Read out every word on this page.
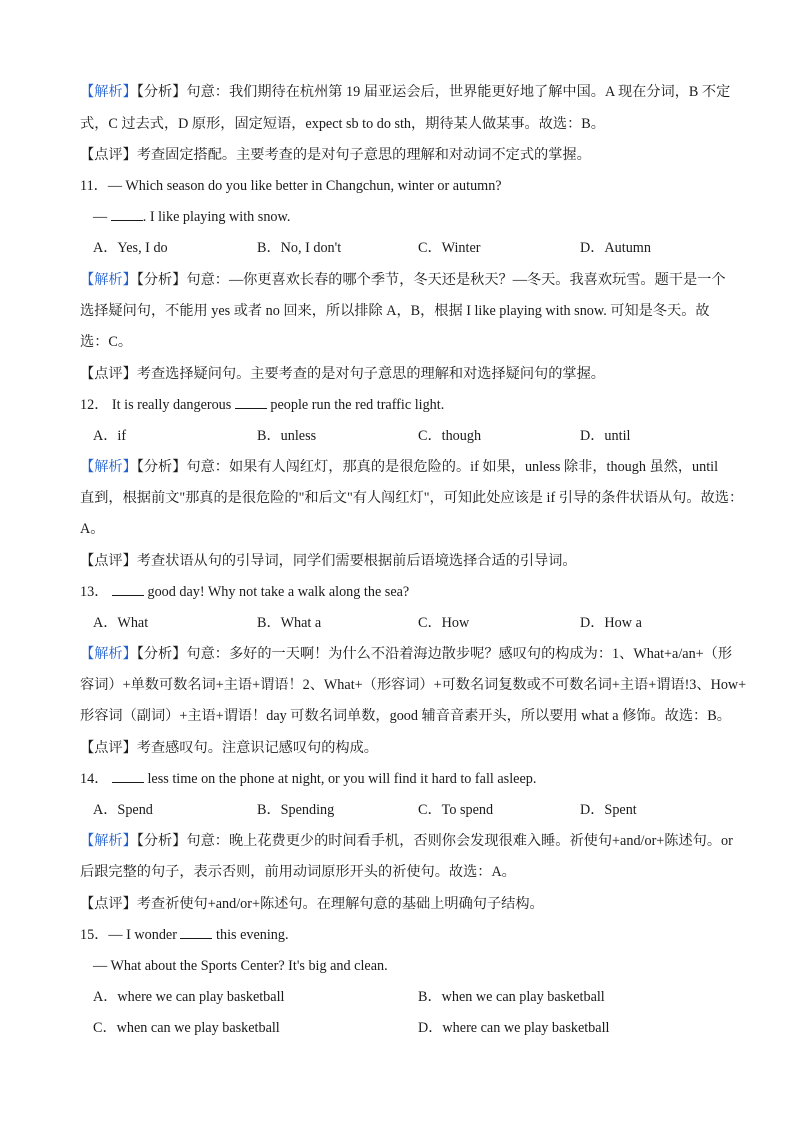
【解析】【分析】句意：我们期待在杭州第 19 届亚运会后，世界能更好地了解中国。A 现在分词，B 不定
式，C 过去式，D 原形，固定短语，expect sb to do sth，期待某人做某事。故选：B。
【点评】考查固定搭配。主要考查的是对句子意思的理解和对动词不定式的掌握。
11．— Which season do you like better in Changchun, winter or autumn?
— . I like playing with snow.
A．Yes, I do	B．No, I don't	C．Winter	D．Autumn
【解析】【分析】句意：—你更喜欢长春的哪个季节，冬天还是秋天？—冬天。我喜欢玩雪。题干是一个
选择疑问句，不能用 yes 或者 no 回来，所以排除 A，B，根据 I like playing with snow. 可知是冬天。故
选：C。
【点评】考查选择疑问句。主要考查的是对句子意思的理解和对选择疑问句的掌握。
12． It is really dangerous  people run the red traffic light.
A．if	B．unless	C．though	D．until
【解析】【分析】句意：如果有人闯红灯，那真的是很危险的。if 如果，unless 除非，though 虽然，until
直到，根据前文"那真的是很危险的"和后文"有人闯红灯"，可知此处应该是 if 引导的条件状语从句。故选：
A。
【点评】考查状语从句的引导词，同学们需要根据前后语境选择合适的引导词。
13．  good day! Why not take a walk along the sea?
A．What	B．What a	C．How	D．How a
【解析】【分析】句意：多好的一天啊！为什么不沿着海边散步呢？感叹句的构成为：1、What+a/an+（形
容词）+单数可数名词+主语+谓语！2、What+（形容词）+可数名词复数或不可数名词+主语+谓语!3、How+
形容词（副词）+主语+谓语！day 可数名词单数，good 辅音音素开头，所以要用 what a 修饰。故选：B。
【点评】考查感叹句。注意识记感叹句的构成。
14．  less time on the phone at night, or you will find it hard to fall asleep.
A．Spend	B．Spending	C．To spend	D．Spent
【解析】【分析】句意：晚上花费更少的时间看手机，否则你会发现很难入睡。祈使句+and/or+陈述句。or
后跟完整的句子，表示否则，前用动词原形开头的祈使句。故选：A。
【点评】考查祈使句+and/or+陈述句。在理解句意的基础上明确句子结构。
15．— I wonder  this evening.
— What about the Sports Center? It's big and clean.
A．where we can play basketball	B．when we can play basketball
C．when can we play basketball	D．where can we play basketball
